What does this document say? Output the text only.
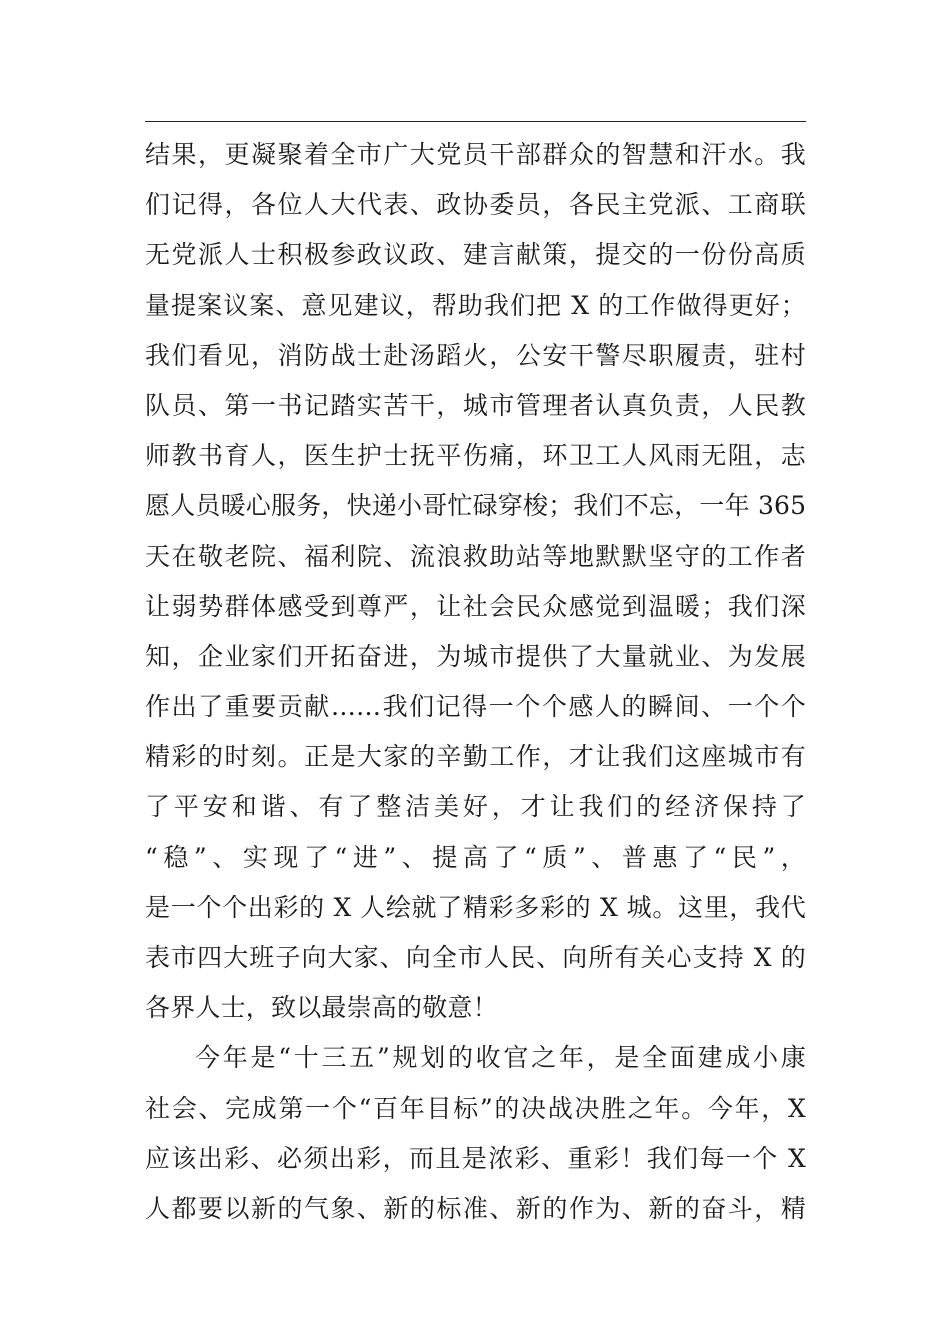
结果，更凝聚着全市广大党员干部群众的智慧和汗水。我
们记得，各位人大代表、政协委员，各民主党派、工商联
无党派人士积极参政议政、建言献策，提交的一份份高质
量提案议案、意见建议，帮助我们把 X 的工作做得更好；
我们看见，消防战士赴汤蹈火，公安干警尽职履责，驻村
队员、第一书记踏实苦干，城市管理者认真负责，人民教
师教书育人，医生护士抚平伤痛，环卫工人风雨无阻，志
愿人员暖心服务，快递小哥忙碌穿梭；我们不忘，一年 365
天在敬老院、福利院、流浪救助站等地默默坚守的工作者
让弱势群体感受到尊严，让社会民众感觉到温暖；我们深
知，企业家们开拓奋进，为城市提供了大量就业、为发展
作出了重要贡献……我们记得一个个感人的瞬间、一个个
精彩的时刻。正是大家的辛勤工作，才让我们这座城市有
了平安和谐、有了整洁美好，才让我们的经济保持了
“稳”、实现了“进”、提高了“质”、普惠了“民”，
是一个个出彩的 X 人绘就了精彩多彩的 X 城。这里，我代
表市四大班子向大家、向全市人民、向所有关心支持 X 的
各界人士，致以最崇高的敬意！
今年是“十三五”规划的收官之年，是全面建成小康
社会、完成第一个“百年目标”的决战决胜之年。今年，X
应该出彩、必须出彩，而且是浓彩、重彩！我们每一个 X
人都要以新的气象、新的标准、新的作为、新的奋斗，精
